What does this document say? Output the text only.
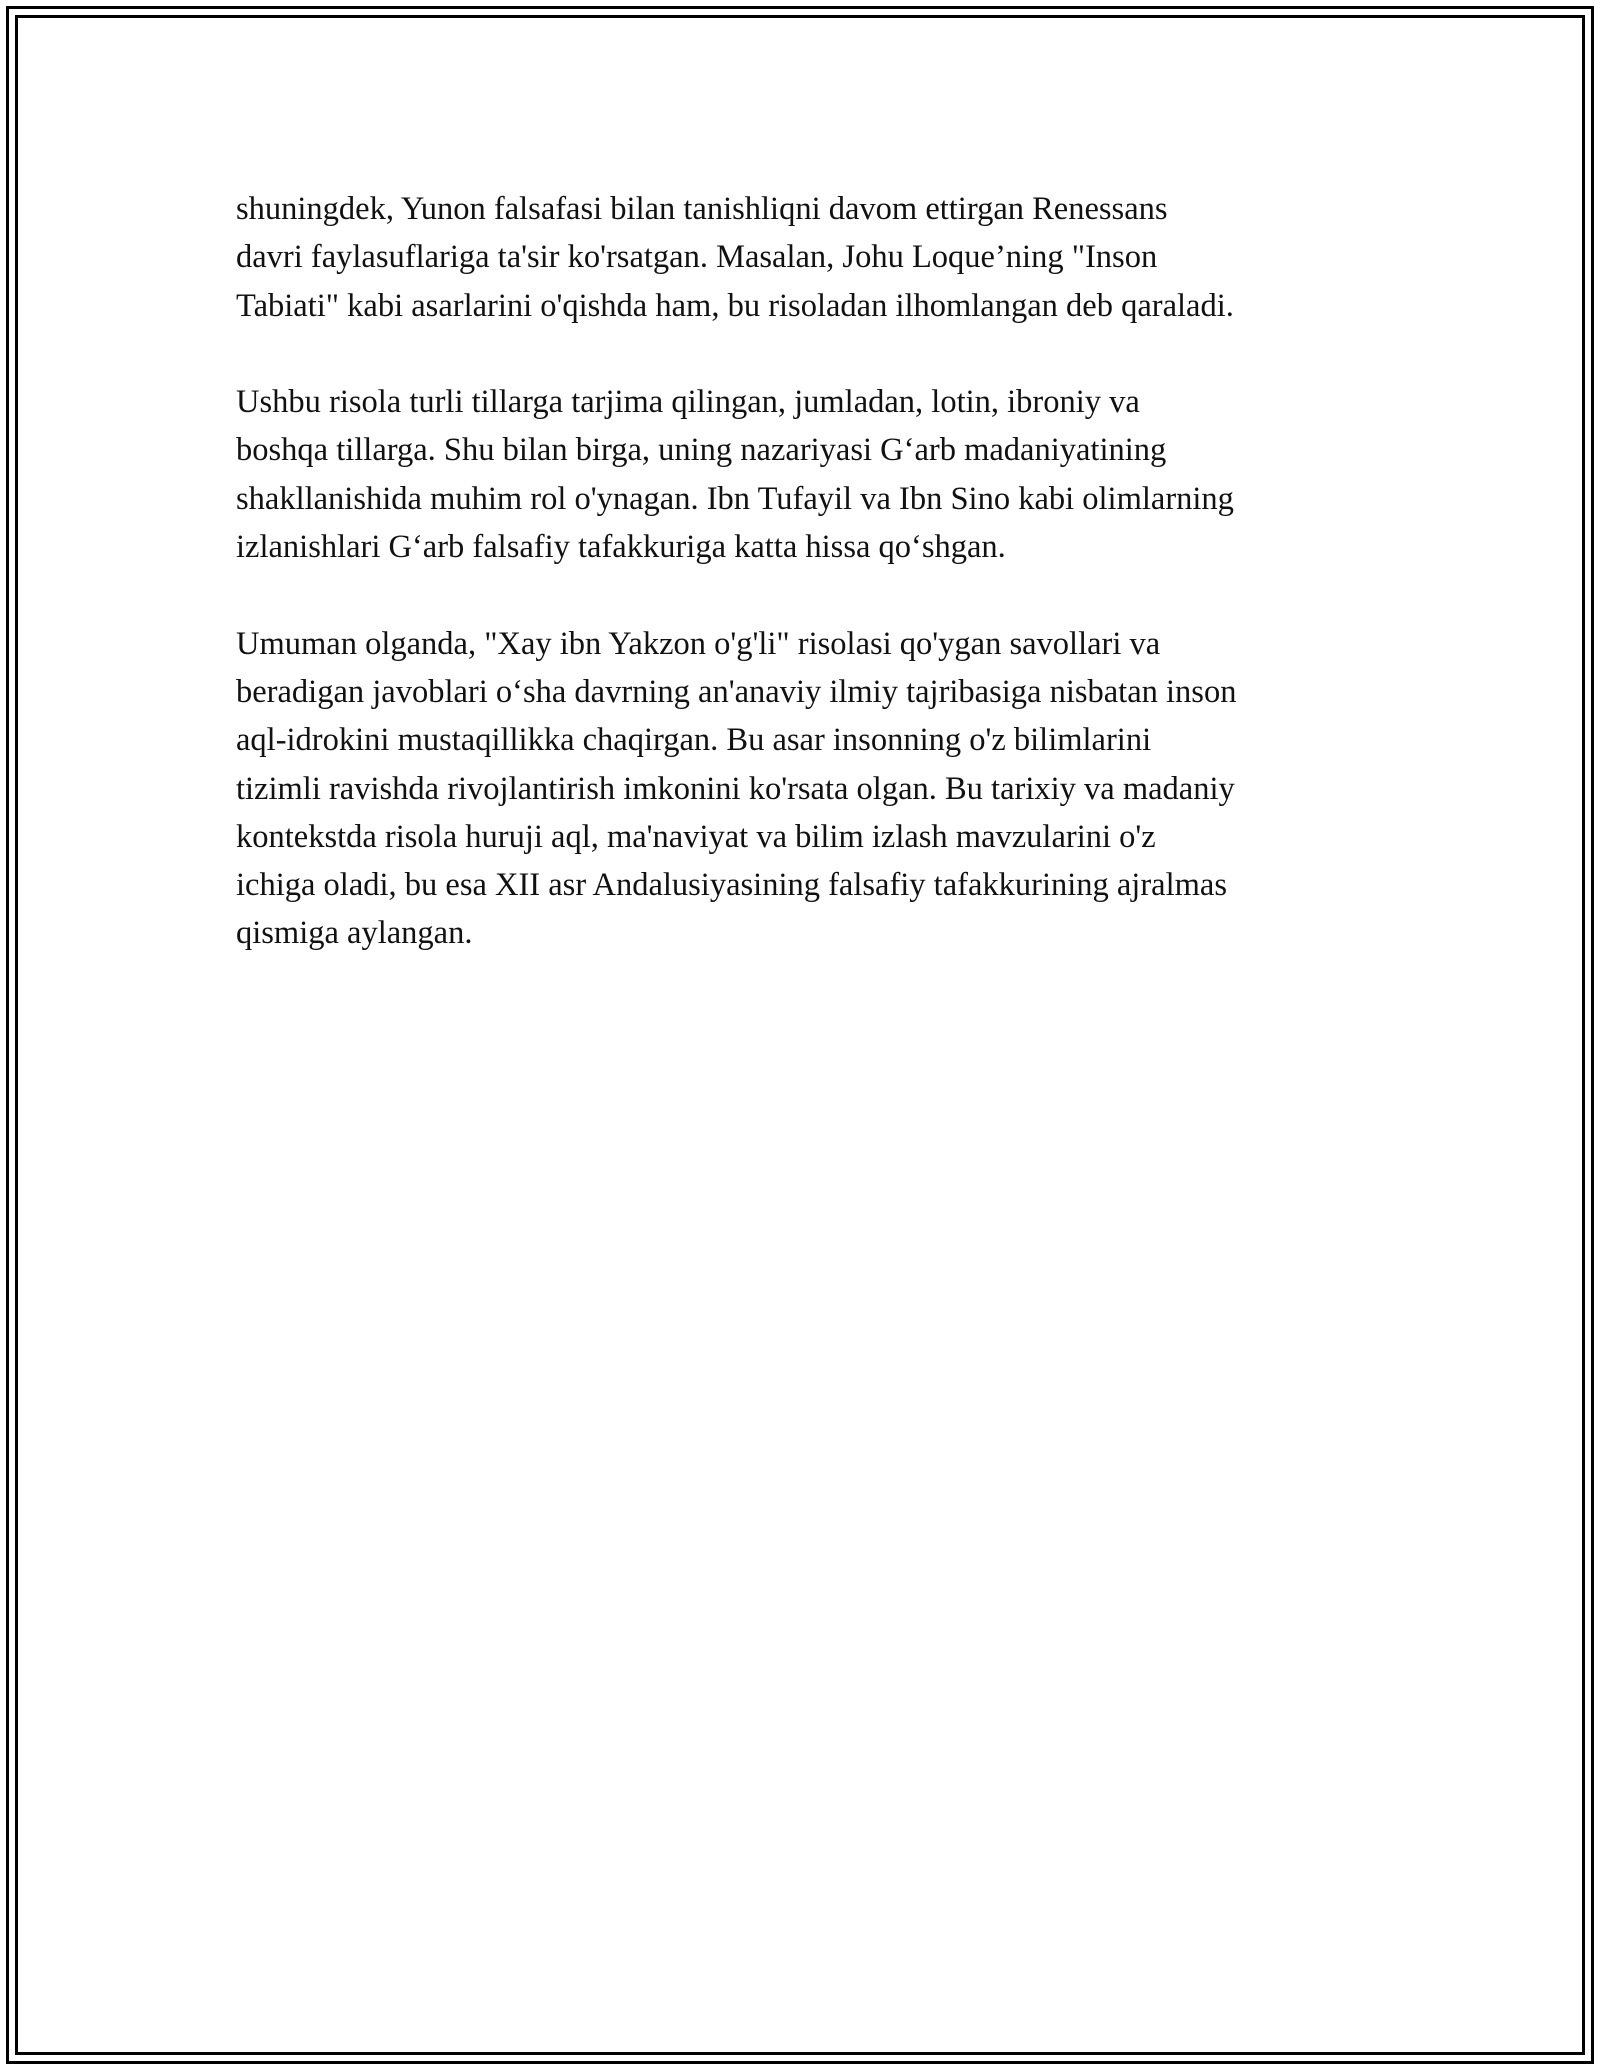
shuningdek, Yunon falsafasi bilan tanishliqni davom ettirgan Renessans
davri faylasuflariga ta'sir ko'rsatgan. Masalan, Johu Loque’ning "Inson
Tabiati" kabi asarlarini o'qishda ham, bu risoladan ilhomlangan deb qaraladi.

Ushbu risola turli tillarga tarjima qilingan, jumladan, lotin, ibroniy va
boshqa tillarga. Shu bilan birga, uning nazariyasi G‘arb madaniyatining
shakllanishida muhim rol o'ynagan. Ibn Tufayil va Ibn Sino kabi olimlarning
izlanishlari G‘arb falsafiy tafakkuriga katta hissa qo‘shgan.

Umuman olganda, "Xay ibn Yakzon o'g'li" risolasi qo'ygan savollari va
beradigan javoblari o‘sha davrning an'anaviy ilmiy tajribasiga nisbatan inson
aql-idrokini mustaqillikka chaqirgan. Bu asar insonning o'z bilimlarini
tizimli ravishda rivojlantirish imkonini ko'rsata olgan. Bu tarixiy va madaniy
kontekstda risola huruji aql, ma'naviyat va bilim izlash mavzularini o'z
ichiga oladi, bu esa XII asr Andalusiyasining falsafiy tafakkurining ajralmas
qismiga aylangan.
